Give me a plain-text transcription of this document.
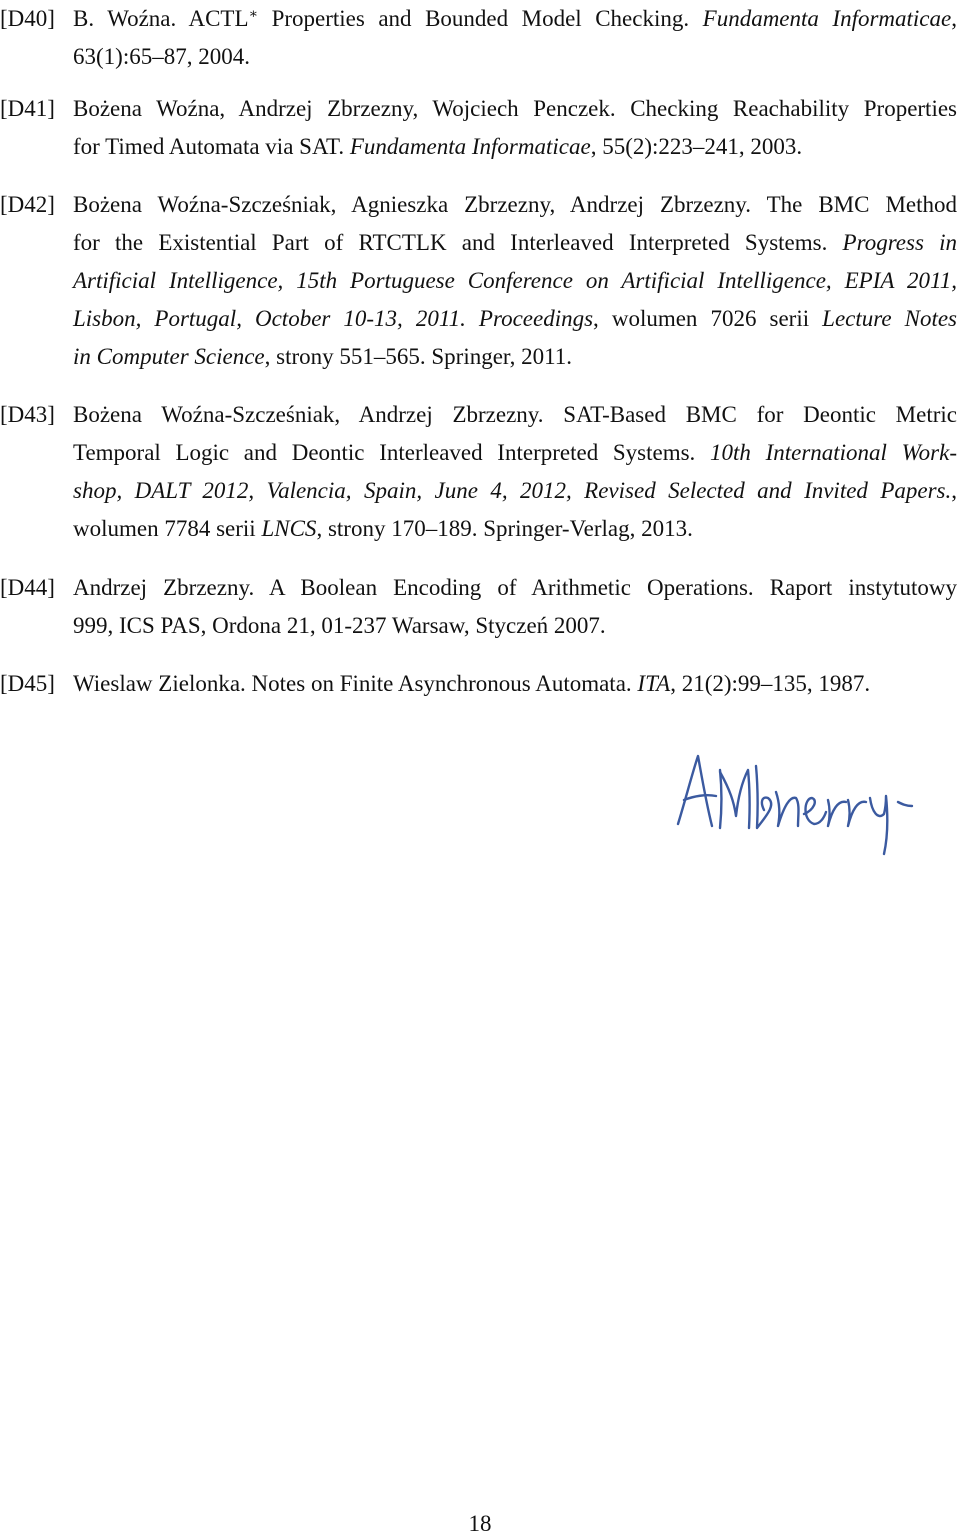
[D40] B. Woźna. ACTL∗ Properties and Bounded Model Checking. Fundamenta Informaticae,
63(1):65–87, 2004.
[D41] Bożena Woźna, Andrzej Zbrzezny, Wojciech Penczek. Checking Reachability Properties
for Timed Automata via SAT. Fundamenta Informaticae, 55(2):223–241, 2003.
[D42] Bożena Woźna-Szcześniak, Agnieszka Zbrzezny, Andrzej Zbrzezny. The BMC Method
for the Existential Part of RTCTLK and Interleaved Interpreted Systems. Progress in
Artificial Intelligence, 15th Portuguese Conference on Artificial Intelligence, EPIA 2011,
Lisbon, Portugal, October 10-13, 2011. Proceedings, wolumen 7026 serii Lecture Notes
in Computer Science, strony 551–565. Springer, 2011.
[D43] Bożena Woźna-Szcześniak, Andrzej Zbrzezny. SAT-Based BMC for Deontic Metric
Temporal Logic and Deontic Interleaved Interpreted Systems. 10th International Work-
shop, DALT 2012, Valencia, Spain, June 4, 2012, Revised Selected and Invited Papers.,
wolumen 7784 serii LNCS, strony 170–189. Springer-Verlag, 2013.
[D44] Andrzej Zbrzezny. A Boolean Encoding of Arithmetic Operations. Raport instytutowy
999, ICS PAS, Ordona 21, 01-237 Warsaw, Styczeń 2007.
[D45] Wieslaw Zielonka. Notes on Finite Asynchronous Automata. ITA, 21(2):99–135, 1987.
18
